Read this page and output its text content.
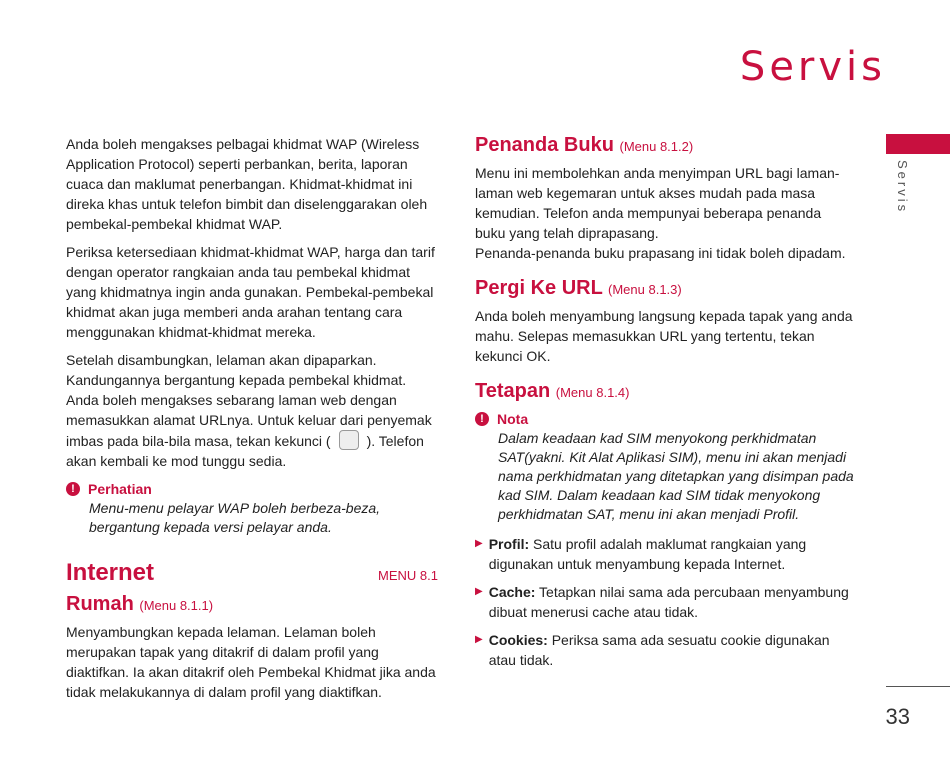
Servis
Servis
33

Anda boleh mengakses pelbagai khidmat WAP (Wireless Application Protocol) seperti perbankan, berita, laporan cuaca dan maklumat penerbangan. Khidmat-khidmat ini direka khas untuk telefon bimbit dan diselenggarakan oleh pembekal-pembekal khidmat WAP.

Periksa ketersediaan khidmat-khidmat WAP, harga dan tarif dengan operator rangkaian anda tau pembekal khidmat yang khidmatnya ingin anda gunakan. Pembekal-pembekal khidmat akan juga memberi anda arahan tentang cara menggunakan khidmat-khidmat mereka.

Setelah disambungkan, lelaman akan dipaparkan. Kandungannya bergantung kepada pembekal khidmat. Anda boleh mengakses sebarang laman web dengan memasukkan alamat URLnya. Untuk keluar dari penyemak imbas pada bila-bila masa, tekan kekunci (	). Telefon akan kembali ke mod tunggu sedia.

! Perhatian
Menu-menu pelayar WAP boleh berbeza-beza, bergantung kepada versi pelayar anda.
Internet	MENU 8.1
Rumah (Menu 8.1.1)

Menyambungkan kepada lelaman. Lelaman boleh merupakan tapak yang ditakrif di dalam profil yang diaktifkan. Ia akan ditakrif oleh Pembekal Khidmat jika anda tidak melakukannya di dalam profil yang diaktifkan.

Penanda Buku (Menu 8.1.2)

Menu ini membolehkan anda menyimpan URL bagi laman-laman web kegemaran untuk akses mudah pada masa kemudian. Telefon anda mempunyai beberapa penanda buku yang telah diprapasang.

Penanda-penanda buku prapasang ini tidak boleh dipadam.

Pergi Ke URL (Menu 8.1.3)

Anda boleh menyambung langsung kepada tapak yang anda mahu. Selepas memasukkan URL yang tertentu, tekan kekunci OK.

Tetapan (Menu 8.1.4)
! Nota
Dalam keadaan kad SIM menyokong perkhidmatan SAT(yakni. Kit Alat Aplikasi SIM), menu ini akan menjadi nama perkhidmatan yang ditetapkan yang disimpan pada kad SIM. Dalam keadaan kad SIM tidak menyokong perkhidmatan SAT, menu ini akan menjadi Profil.
▶ Profil: Satu profil adalah maklumat rangkaian yang digunakan untuk menyambung kepada Internet.
▶ Cache: Tetapkan nilai sama ada percubaan menyambung dibuat menerusi cache atau tidak.
▶ Cookies: Periksa sama ada sesuatu cookie digunakan atau tidak.
